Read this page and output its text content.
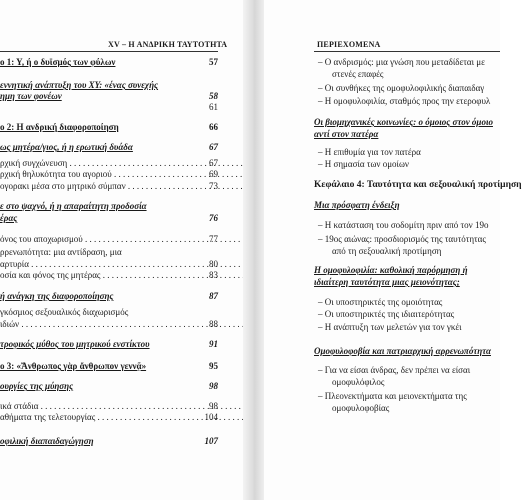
XV – Η ΑΝΔΡΙΚΗ ΤΑΥΤΟΤΗΤΑ
ο 1: Υ, ή ο δυϊσμός των φύλων	57
εννητική ανάπτυξη του ΧΥ: «ένας συνεχής
ημη των φονέων	58
61
ο 2: Η ανδρική διαφοροποίηση	66
ως μητέρα/γιος, ή η ερωτική δυάδα	67
ρχική συγχώνευση . . .	67
ρχική θηλυκότητα του αγοριού . . .	69
ογορακι μέσα στο μητρικό σύμπαν . . .	73
ε στο ψαχνό, ή η απαραίτητη προδοσία
έρας	76
όνος του αποχωρισμού . . .	77
ρρενωπότητα: μια αντίδραση, μια
αρτυρία . . .	80
οσία και φόνος της μητέρας . . .	83
ή ανάγκη της διαφοροποίησης	87
γκόσμιος σεξουαλικός διαχωρισμός
ιδιών . . .	88
τροφικός μύθος του μητρικού ενστίκτου	91
ο 3: «Ἄνθρωπος γὰρ ἄνθρωπον γεννᾷ»	95
ουργίες της μύησης	98
ικά στάδια . . .	98
αθήματα της τελετουργίας . . .	104
οφιλική διαπαιδαγώγηση	107
ΠΕΡΙΕΧΟΜΕΝΑ
– Ο ανδρισμός: μια γνώση που μεταδίδεται με
στενές επαφές
– Οι συνθήκες της ομοφυλοφιλικής διαπαιδαγ
– Η ομοφυλοφιλία, σταθμός προς την ετεροφυλ
Οι βιομηχανικές κοινωνίες: ο όμοιος στον όμοιο
αντί στον πατέρα
– Η επιθυμία για τον πατέρα
– Η σημασία των ομοίων
Κεφάλαιο 4: Ταυτότητα και σεξουαλική προτίμηση
Μια πρόσφατη ένδειξη
– Η κατάσταση του σοδομίτη πριν από τον 19ο
– 19ος αιώνας: προσδιορισμός της ταυτότητας
από τη σεξουαλική προτίμηση
Η ομοφυλοφιλία: καθολική παρόρμηση ή
ιδιαίτερη ταυτότητα μιας μειονότητας;
– Οι υποστηρικτές της ομοιότητας
– Οι υποστηρικτές της ιδιαιτερότητας
– Η ανάπτυξη των μελετών για τον γκέι
Ομοφυλοφοβία και πατριαρχική αρρενωπότητα
– Για να είσαι άνδρας, δεν πρέπει να είσαι
ομοφυλόφιλος
– Πλεονεκτήματα και μειονεκτήματα της
ομοφυλοφοβίας
